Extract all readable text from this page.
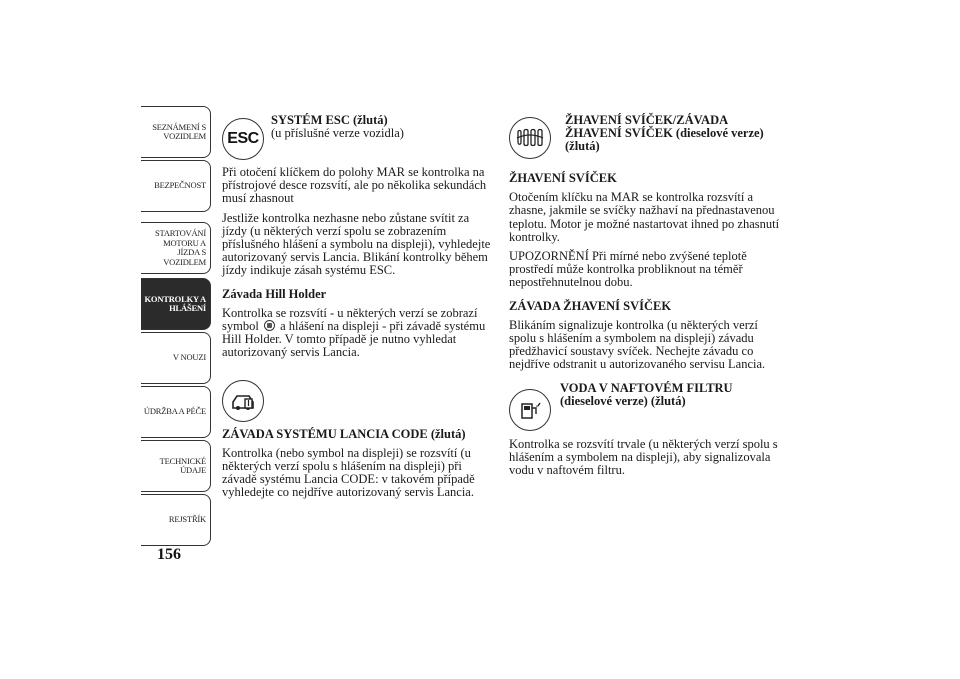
SEZNÁMENÍ S VOZIDLEM
BEZPEČNOST
STARTOVÁNÍ MOTORU A JÍZDA S VOZIDLEM
KONTROLKY A HLÁŠENÍ
V NOUZI
ÚDRŽBA A PÉČE
TECHNICKÉ ÚDAJE
REJSTŘÍK
156
ESC
SYSTÉM ESC (žlutá)
(u příslušné verze vozidla)

Při otočení klíčkem do polohy MAR se kontrolka na přístrojové desce rozsvítí, ale po několika sekundách musí zhasnout

Jestliže kontrolka nezhasne nebo zůstane svítit za jízdy (u některých verzí spolu se zobrazením příslušného hlášení a symbolu na displeji), vyhledejte autorizovaný servis Lancia. Blikání kontrolky během jízdy indikuje zásah systému ESC.

Závada Hill Holder

Kontrolka se rozsvítí - u některých verzí se zobrazí symbol a hlášení na displeji - při závadě systému Hill Holder. V tomto případě je nutno vyhledat autorizovaný servis Lancia.

ZÁVADA SYSTÉMU LANCIA CODE (žlutá)

Kontrolka (nebo symbol na displeji) se rozsvítí (u některých verzí spolu s hlášením na displeji) při závadě systému Lancia CODE: v takovém případě vyhledejte co nejdříve autorizovaný servis Lancia.

ŽHAVENÍ SVÍČEK/ZÁVADA ŽHAVENÍ SVÍČEK (dieselové verze) (žlutá)
ŽHAVENÍ SVÍČEK

Otočením klíčku na MAR se kontrolka rozsvítí a zhasne, jakmile se svíčky nažhaví na přednastavenou teplotu. Motor je možné nastartovat ihned po zhasnutí kontrolky.

UPOZORNĚNÍ Při mírné nebo zvýšené teplotě prostředí může kontrolka probliknout na téměř nepostřehnutelnou dobu.

ZÁVADA ŽHAVENÍ SVÍČEK

Blikáním signalizuje kontrolka (u některých verzí spolu s hlášením a symbolem na displeji) závadu předžhavicí soustavy svíček. Nechejte závadu co nejdříve odstranit u autorizovaného servisu Lancia.

VODA V NAFTOVÉM FILTRU
(dieselové verze) (žlutá)

Kontrolka se rozsvítí trvale (u některých verzí spolu s hlášením a symbolem na displeji), aby signalizovala vodu v naftovém filtru.
